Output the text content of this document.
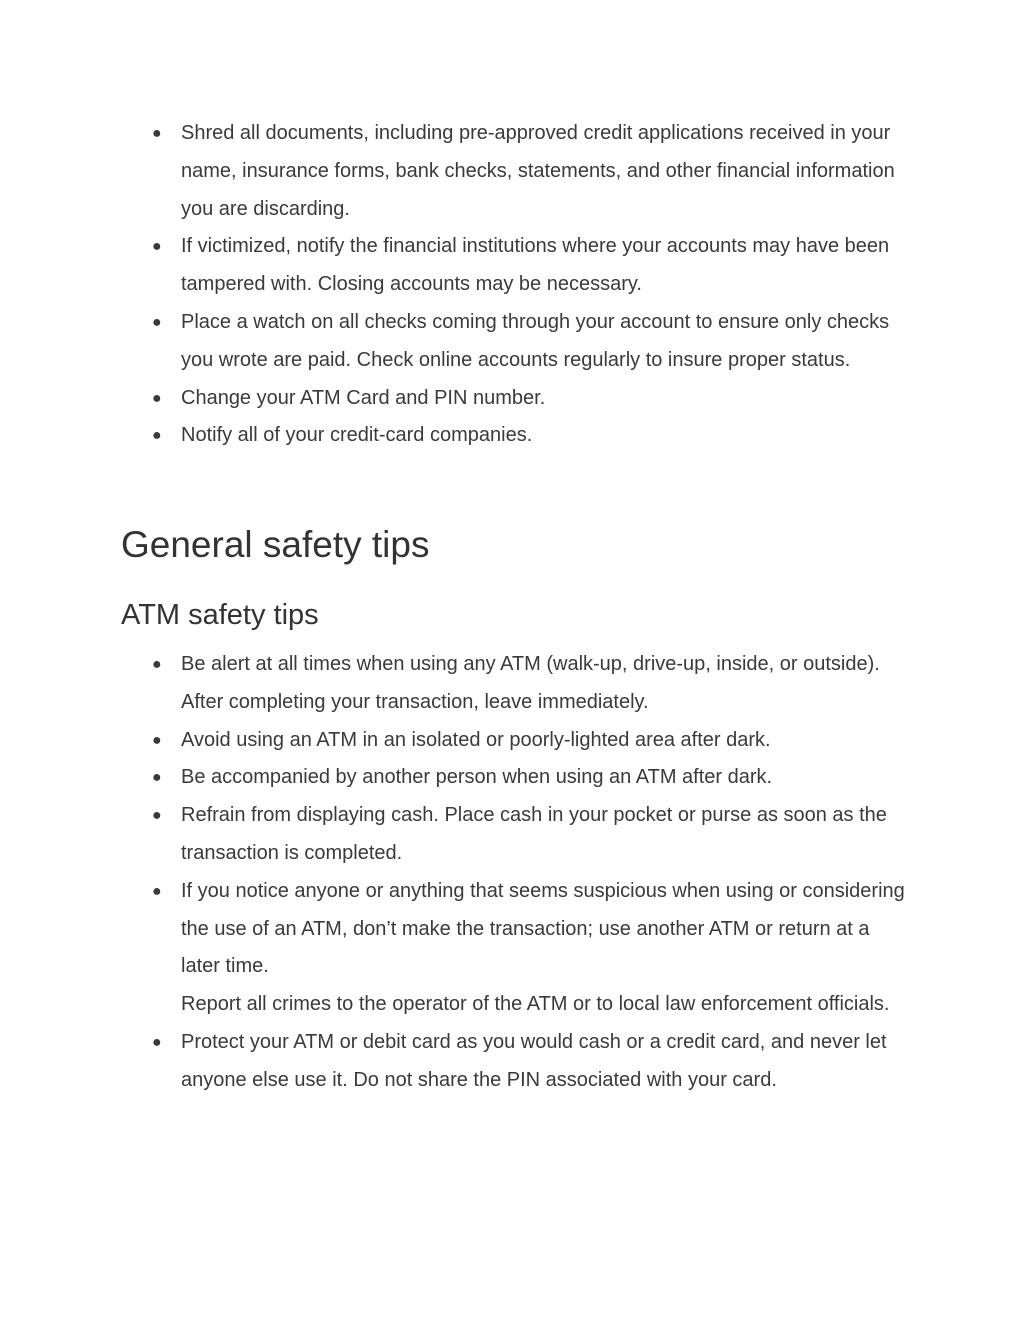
● Shred all documents, including pre-approved credit applications received in your name, insurance forms, bank checks, statements, and other financial information you are discarding.
● If victimized, notify the financial institutions where your accounts may have been tampered with. Closing accounts may be necessary.
● Place a watch on all checks coming through your account to ensure only checks you wrote are paid. Check online accounts regularly to insure proper status.
● Change your ATM Card and PIN number.
● Notify all of your credit-card companies.
General safety tips
ATM safety tips
● Be alert at all times when using any ATM (walk-up, drive-up, inside, or outside). After completing your transaction, leave immediately.
● Avoid using an ATM in an isolated or poorly-lighted area after dark.
● Be accompanied by another person when using an ATM after dark.
● Refrain from displaying cash. Place cash in your pocket or purse as soon as the transaction is completed.
● If you notice anyone or anything that seems suspicious when using or considering the use of an ATM, don’t make the transaction; use another ATM or return at a later time.
Report all crimes to the operator of the ATM or to local law enforcement officials.
● Protect your ATM or debit card as you would cash or a credit card, and never let anyone else use it. Do not share the PIN associated with your card.
